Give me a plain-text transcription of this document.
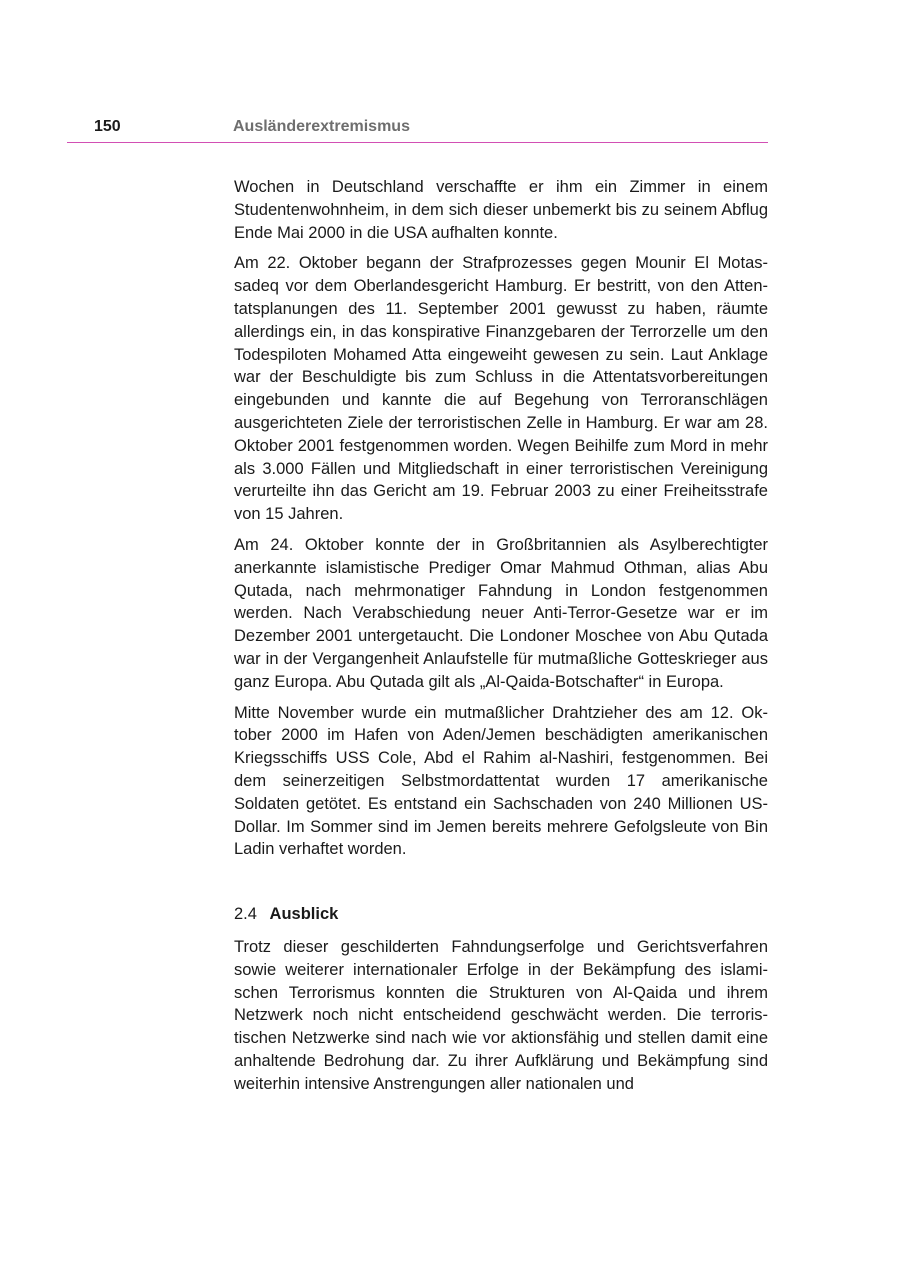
150	Ausländerextremismus

Wochen in Deutschland verschaffte er ihm ein Zimmer in einem Studentenwohnheim, in dem sich dieser unbemerkt bis zu seinem Abflug Ende Mai 2000 in die USA aufhalten konnte.

Am 22. Oktober begann der Strafprozesses gegen Mounir El Motassadeq vor dem Oberlandesgericht Hamburg. Er bestritt, von den Attentatsplanungen des 11. September 2001 gewusst zu haben, räumte allerdings ein, in das konspirative Finanzgebaren der Terrorzelle um den Todespiloten Mohamed Atta eingeweiht gewesen zu sein. Laut Anklage war der Beschuldigte bis zum Schluss in die Attentatsvorbereitungen eingebunden und kannte die auf Begehung von Terroranschlägen ausgerichteten Ziele der terroristischen Zelle in Hamburg. Er war am 28. Oktober 2001 festgenommen worden. Wegen Beihilfe zum Mord in mehr als 3.000 Fällen und Mitgliedschaft in einer terroristischen Vereinigung verurteilte ihn das Gericht am 19. Februar 2003 zu einer Freiheitsstrafe von 15 Jahren.

Am 24. Oktober konnte der in Großbritannien als Asylberechtigter anerkannte islamistische Prediger Omar Mahmud Othman, alias Abu Qutada, nach mehrmonatiger Fahndung in London festgenommen werden. Nach Verabschiedung neuer Anti-Terror-Gesetze war er im Dezember 2001 untergetaucht. Die Londoner Moschee von Abu Qutada war in der Vergangenheit Anlaufstelle für mutmaßliche Gotteskrieger aus ganz Europa. Abu Qutada gilt als „Al-Qaida-Botschafter“ in Europa.

Mitte November wurde ein mutmaßlicher Drahtzieher des am 12. Oktober 2000 im Hafen von Aden/Jemen beschädigten amerikanischen Kriegsschiffs USS Cole, Abd el Rahim al-Nashiri, festgenommen. Bei dem seinerzeitigen Selbstmordattentat wurden 17 amerikanische Soldaten getötet. Es entstand ein Sachschaden von 240 Millionen US-Dollar. Im Sommer sind im Jemen bereits mehrere Gefolgsleute von Bin Ladin verhaftet worden.

2.4 Ausblick

Trotz dieser geschilderten Fahndungserfolge und Gerichtsverfahren sowie weiterer internationaler Erfolge in der Bekämpfung des islamischen Terrorismus konnten die Strukturen von Al-Qaida und ihrem Netzwerk noch nicht entscheidend geschwächt werden. Die terroristischen Netzwerke sind nach wie vor aktionsfähig und stellen damit eine anhaltende Bedrohung dar. Zu ihrer Aufklärung und Bekämpfung sind weiterhin intensive Anstrengungen aller nationalen und
